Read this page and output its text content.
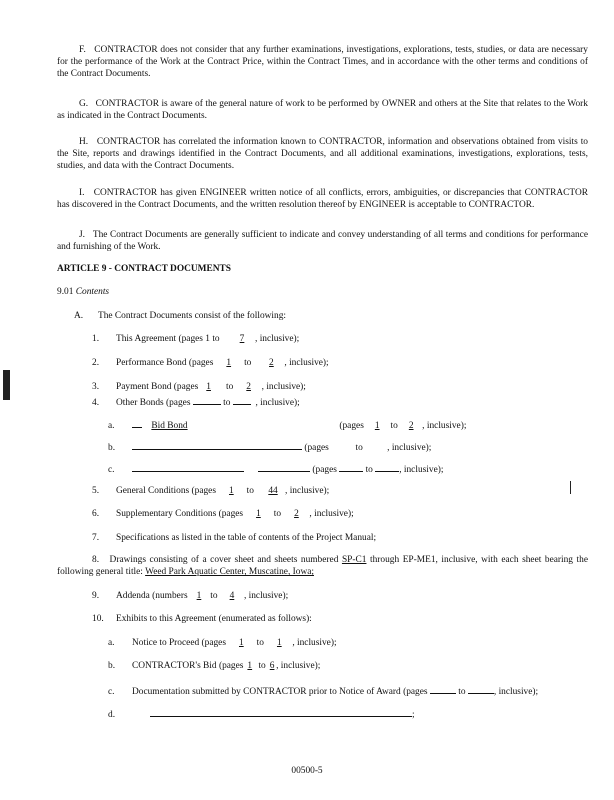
F.   CONTRACTOR does not consider that any further examinations, investigations, explorations, tests, studies, or data are necessary for the performance of the Work at the Contract Price, within the Contract Times, and in accordance with the other terms and conditions of the Contract Documents.
G.   CONTRACTOR is aware of the general nature of work to be performed by OWNER and others at the Site that relates to the Work as indicated in the Contract Documents.
H.   CONTRACTOR has correlated the information known to CONTRACTOR, information and observations obtained from visits to the Site, reports and drawings identified in the Contract Documents, and all additional examinations, investigations, explorations, tests, studies, and data with the Contract Documents.
I.   CONTRACTOR has given ENGINEER written notice of all conflicts, errors, ambiguities, or discrepancies that CONTRACTOR has discovered in the Contract Documents, and the written resolution thereof by ENGINEER is acceptable to CONTRACTOR.
J.   The Contract Documents are generally sufficient to indicate and convey understanding of all terms and conditions for performance and furnishing of the Work.
ARTICLE 9 - CONTRACT DOCUMENTS
9.01 Contents
A. The Contract Documents consist of the following:
1. This Agreement (pages 1 to 7 , inclusive);
2. Performance Bond (pages 1 to 2 , inclusive);
3. Payment Bond (pages 1 to 2 , inclusive);
4. Other Bonds (pages	to	, inclusive);
a.	Bid Bond	(pages 1 to 2 , inclusive);
b.	(pages	to	, inclusive);
c.	(pages	to	, inclusive);
5. General Conditions (pages 1 to 44 , inclusive);
6. Supplementary Conditions (pages 1 to 2 , inclusive);
7. Specifications as listed in the table of contents of the Project Manual;
8. Drawings consisting of a cover sheet and sheets numbered SP-C1 through EP-ME1, inclusive, with each sheet bearing the following general title: Weed Park Aquatic Center, Muscatine, Iowa;
9. Addenda (numbers 1 to 4 , inclusive);
10. Exhibits to this Agreement (enumerated as follows):
a. Notice to Proceed (pages 1 to 1 , inclusive);
b. CONTRACTOR's Bid (pages 1 to 6 , inclusive);
c. Documentation submitted by CONTRACTOR prior to Notice of Award (pages	to	, inclusive);
d.	;
00500-5
